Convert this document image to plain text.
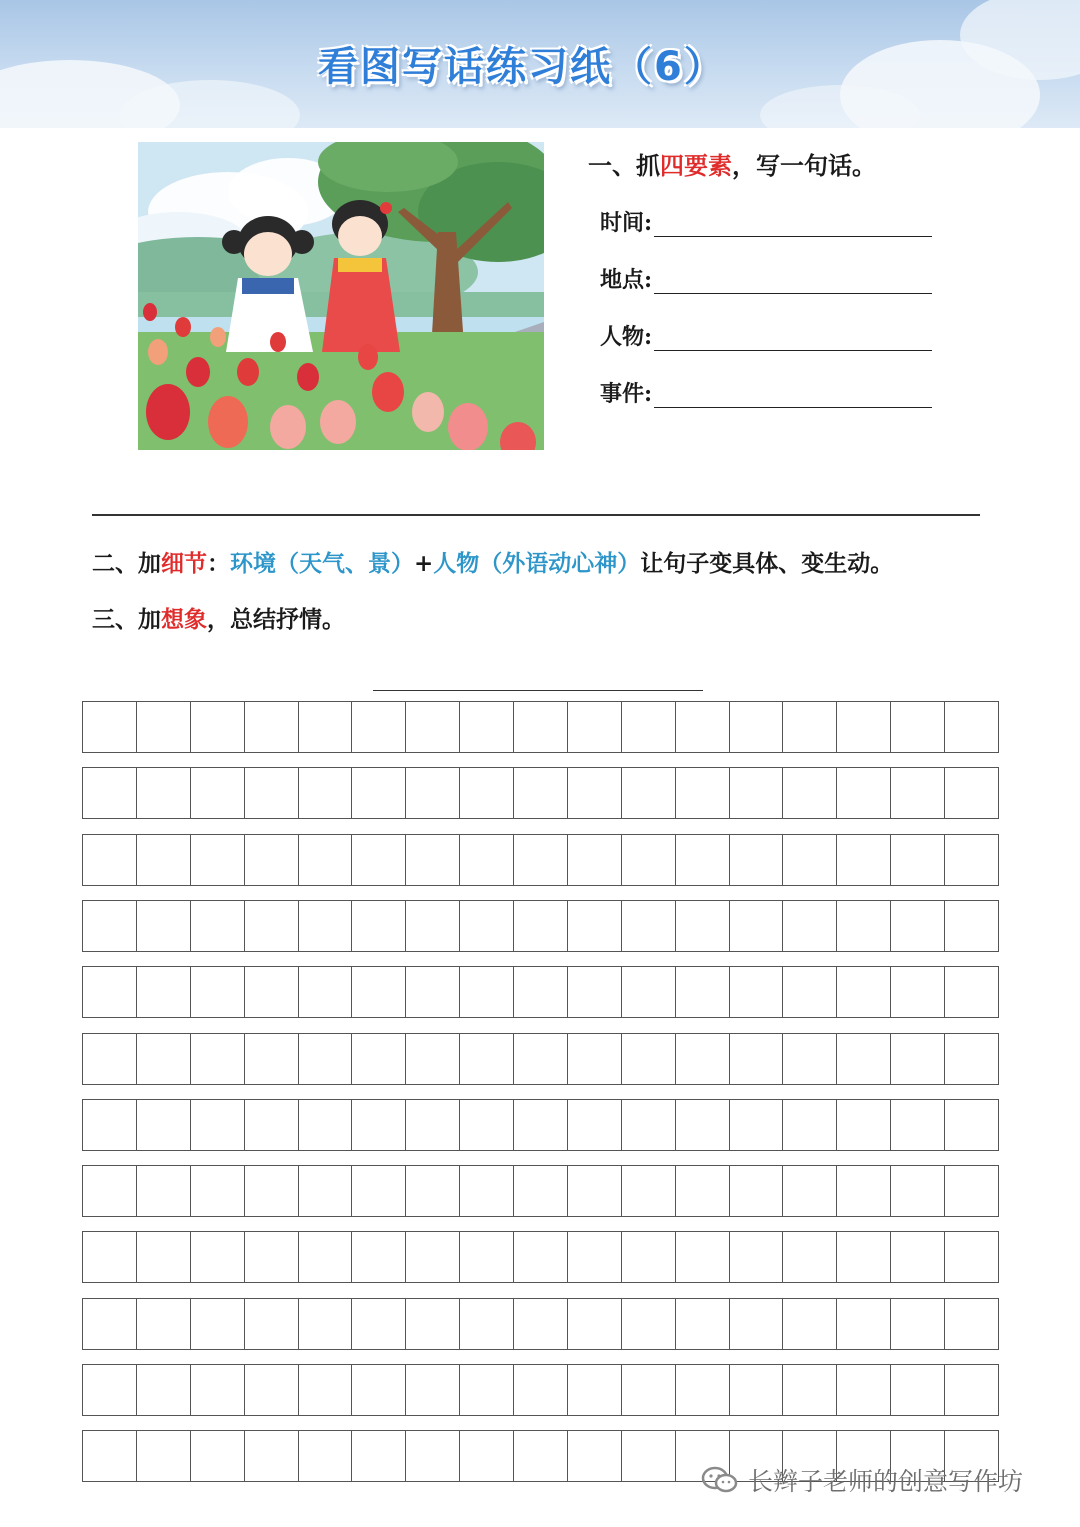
看图写话练习纸（6）
一、抓四要素，写一句话。
时间:
地点:
人物:
事件:
二、加细节：环境（天气、景）+人物（外语动心神）让句子变具体、变生动。
三、加想象，总结抒情。
长辫子老师的创意写作坊
